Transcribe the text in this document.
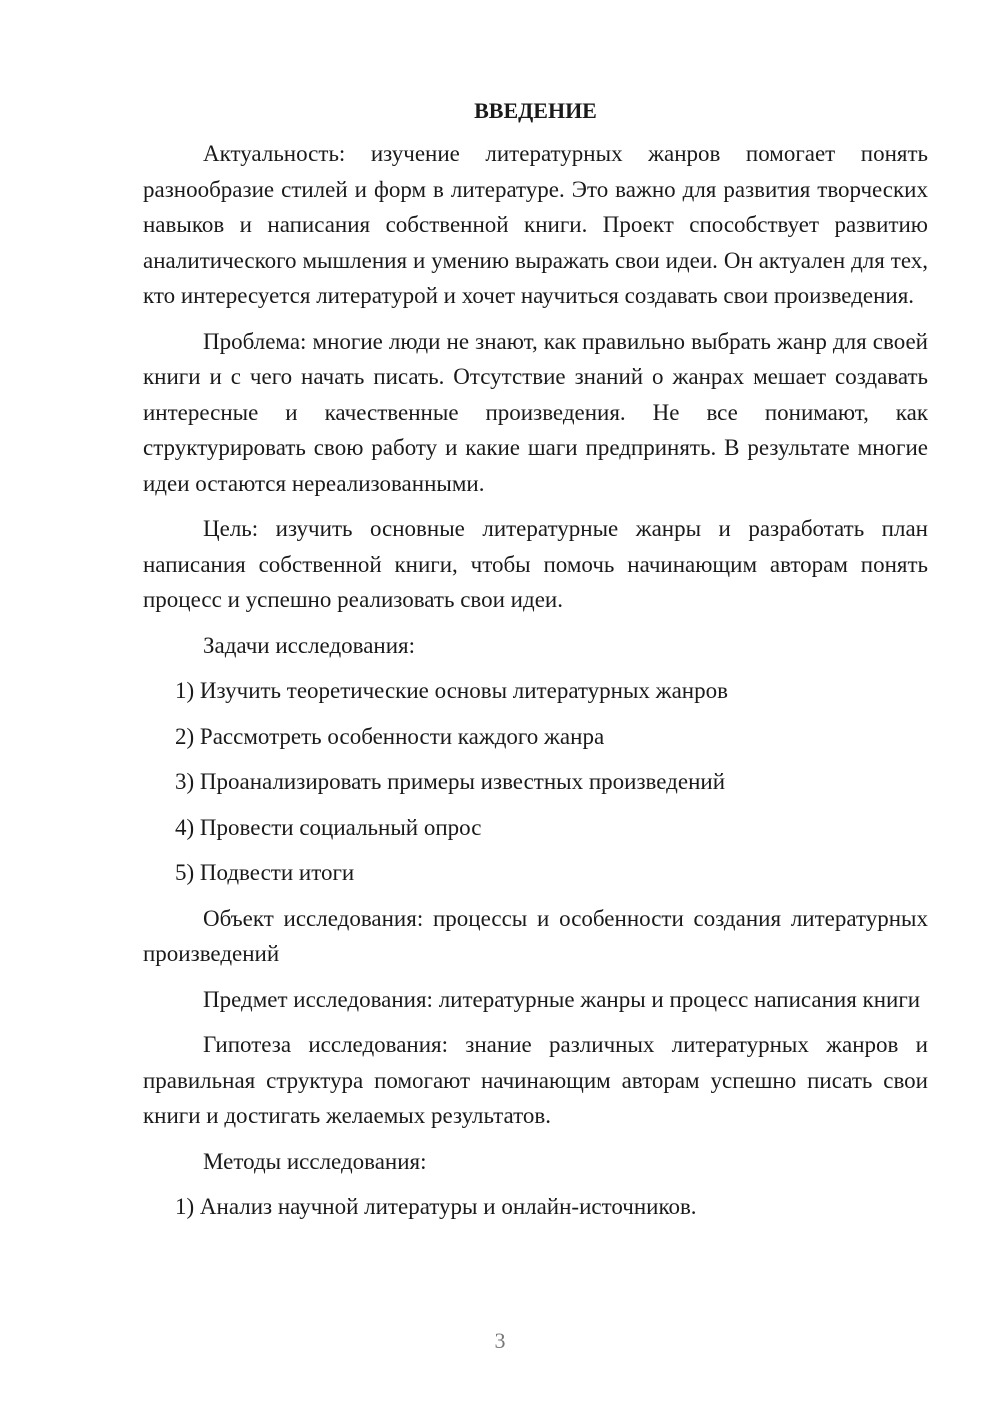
ВВЕДЕНИЕ

Актуальность: изучение литературных жанров помогает понять разнообразие стилей и форм в литературе. Это важно для развития творческих навыков и написания собственной книги. Проект способствует развитию аналитического мышления и умению выражать свои идеи. Он актуален для тех, кто интересуется литературой и хочет научиться создавать свои произведения.

Проблема: многие люди не знают, как правильно выбрать жанр для своей книги и с чего начать писать. Отсутствие знаний о жанрах мешает создавать интересные и качественные произведения. Не все понимают, как структурировать свою работу и какие шаги предпринять. В результате многие идеи остаются нереализованными.

Цель: изучить основные литературные жанры и разработать план написания собственной книги, чтобы помочь начинающим авторам понять процесс и успешно реализовать свои идеи.

Задачи исследования:

1) Изучить теоретические основы литературных жанров
2) Рассмотреть особенности каждого жанра
3) Проанализировать примеры известных произведений
4) Провести социальный опрос
5) Подвести итоги

Объект исследования: процессы и особенности создания литературных произведений

Предмет исследования: литературные жанры и процесс написания книги

Гипотеза исследования: знание различных литературных жанров и правильная структура помогают начинающим авторам успешно писать свои книги и достигать желаемых результатов.

Методы исследования:

1) Анализ научной литературы и онлайн-источников.
3
